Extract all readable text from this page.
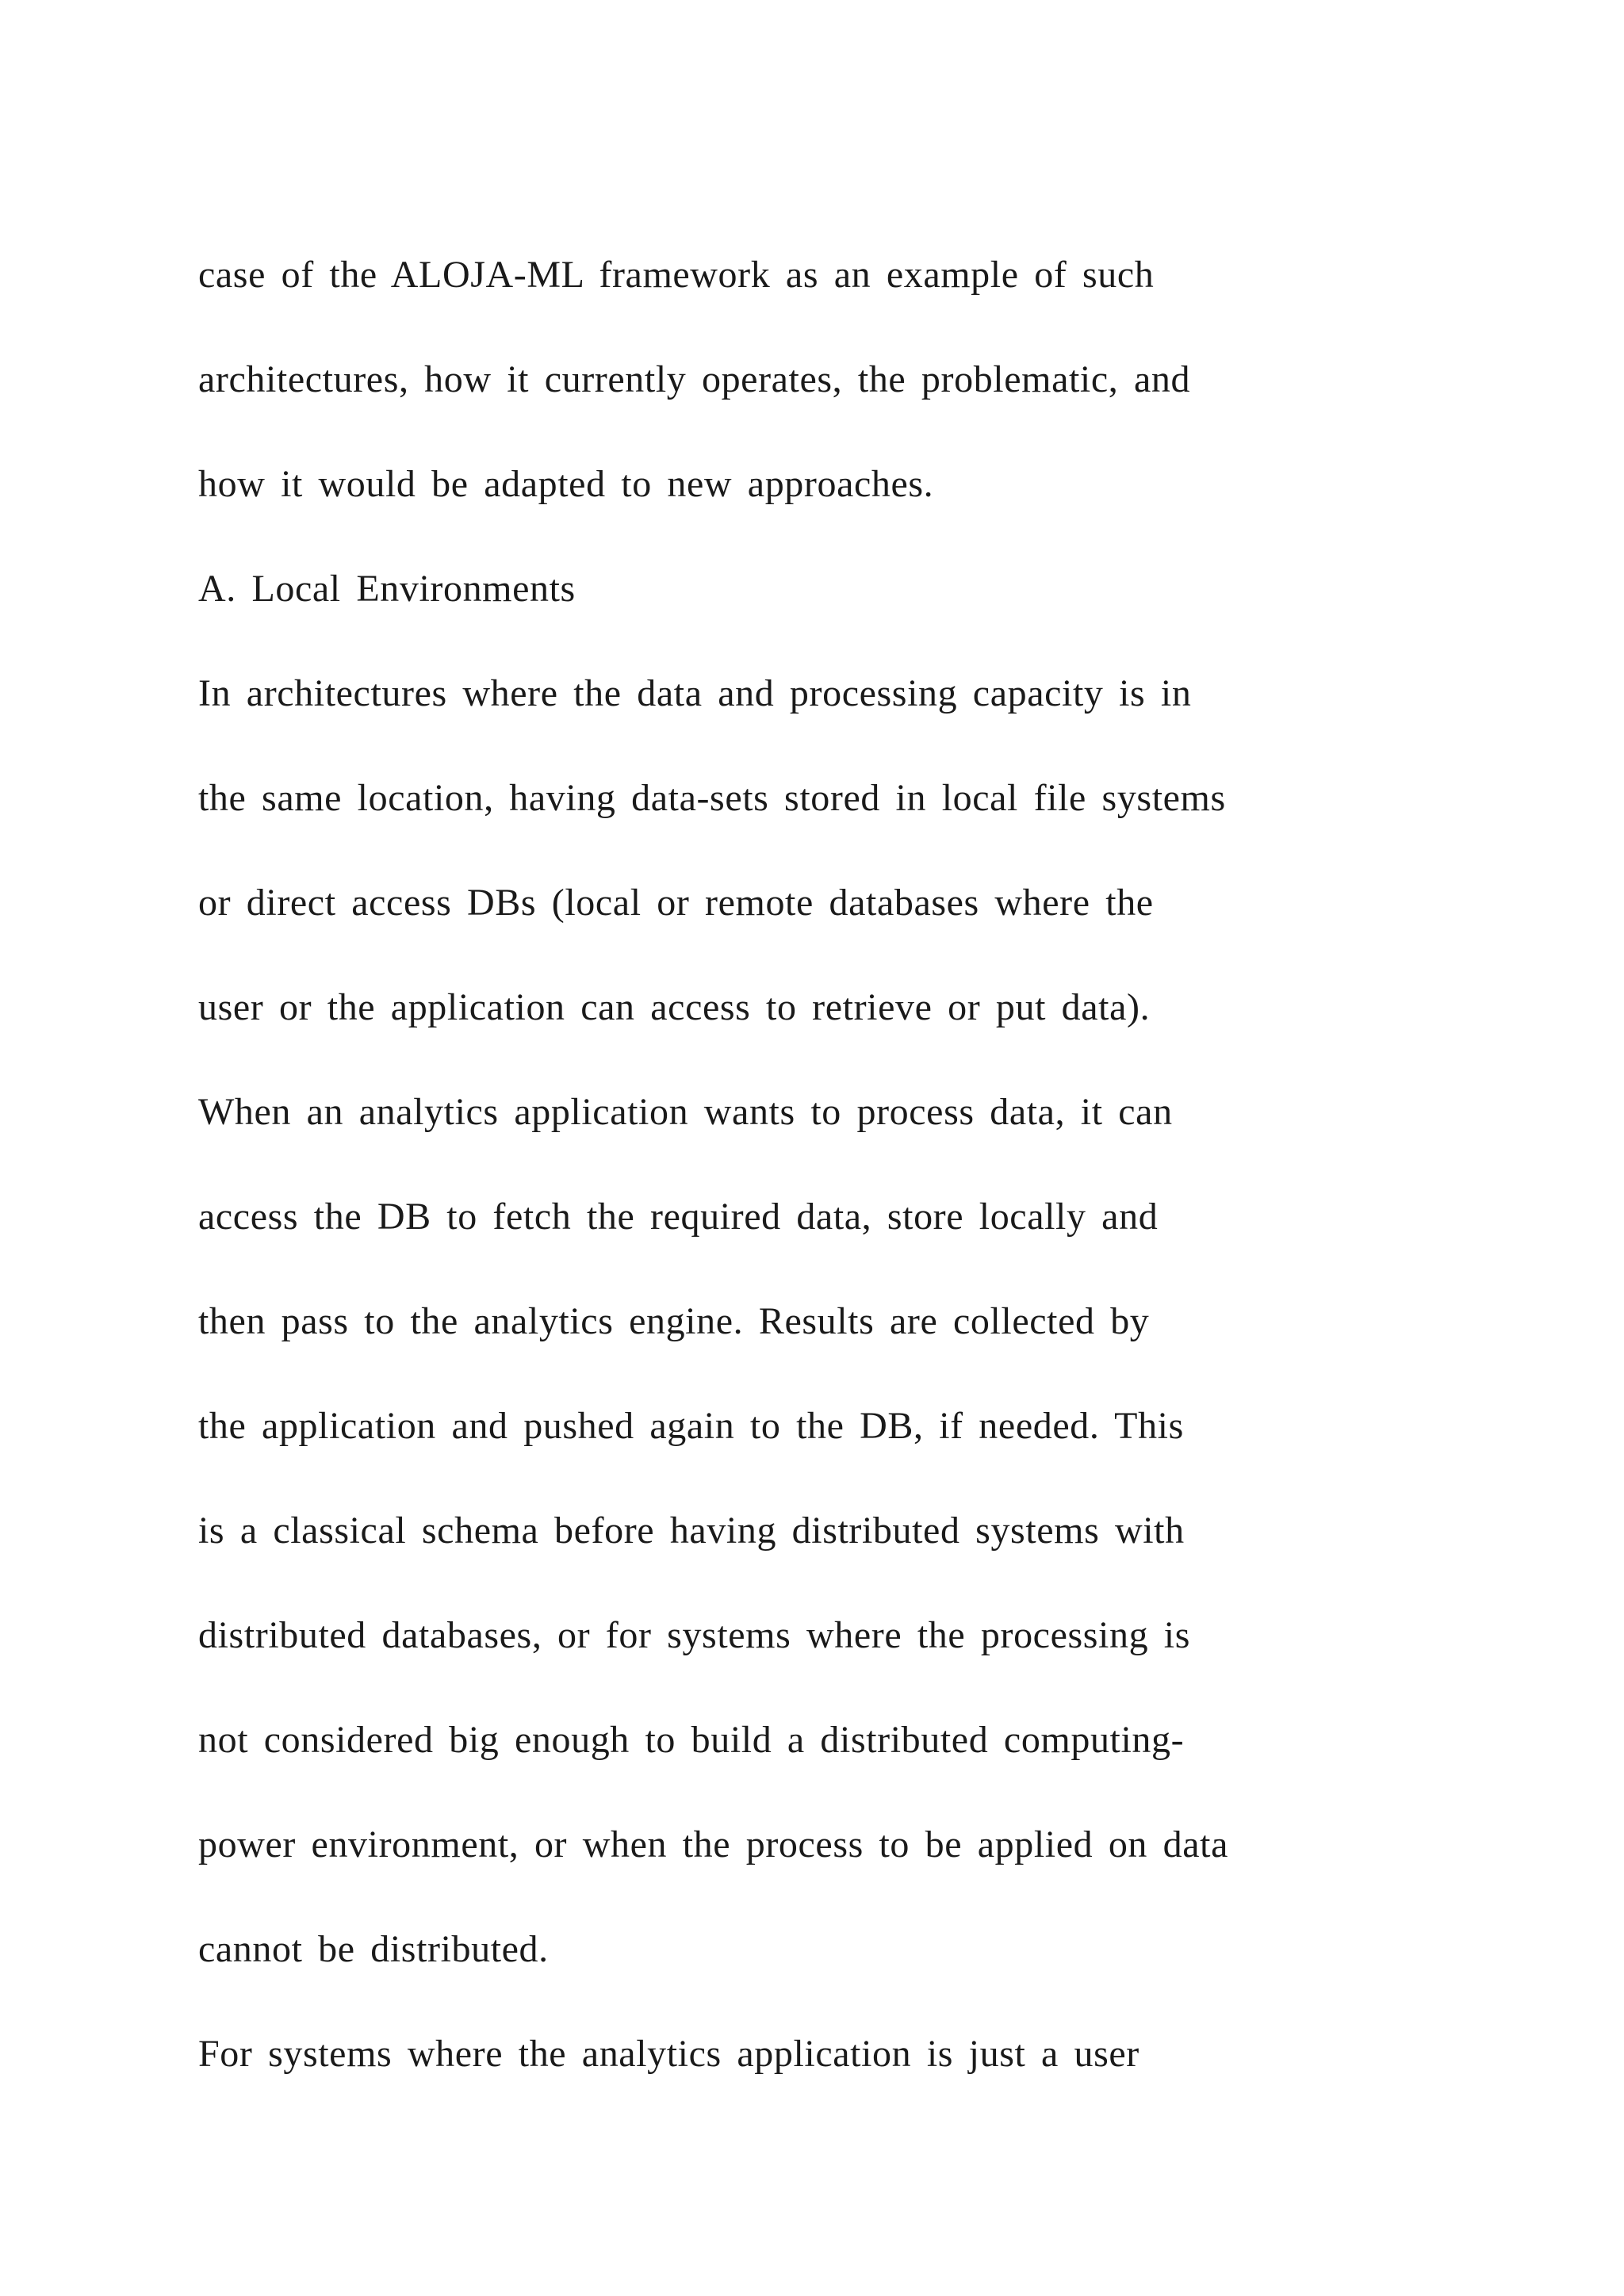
case of the ALOJA-ML framework as an example of such
architectures, how it currently operates, the problematic, and
how it would be adapted to new approaches.
A. Local Environments
In architectures where the data and processing capacity is in
the same location, having data-sets stored in local file systems
or direct access DBs (local or remote databases where the
user or the application can access to retrieve or put data).
When an analytics application wants to process data, it can
access the DB to fetch the required data, store locally and
then pass to the analytics engine. Results are collected by
the application and pushed again to the DB, if needed. This
is a classical schema before having distributed systems with
distributed databases, or for systems where the processing is
not considered big enough to build a distributed computing-
power environment, or when the process to be applied on data
cannot be distributed.
For systems where the analytics application is just a user
